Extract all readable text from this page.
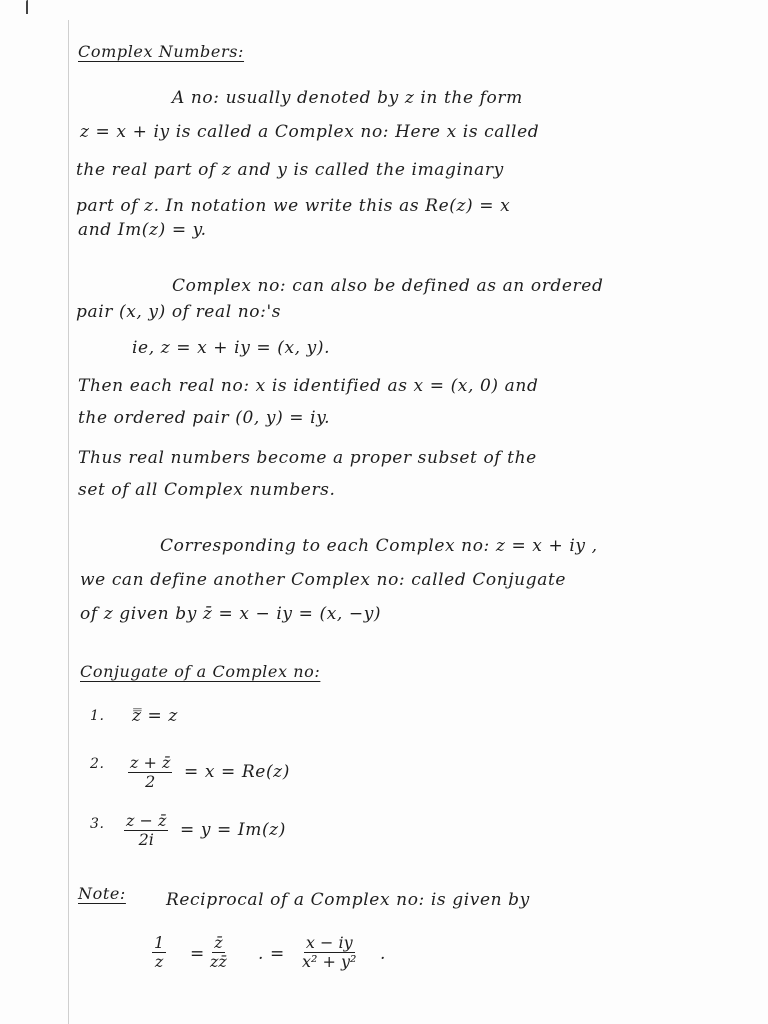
Complex Numbers:
A no: usually denoted by z in the form
z = x + iy is called a Complex no: Here x is called
the real part of z and y is called the imaginary
part of z. In notation we write this as Re(z) = x
and Im(z) = y.
Complex no: can also be defined as an ordered
pair (x, y) of real no:'s
ie, z = x + iy = (x, y).
Then each real no: x is identified as x = (x, 0) and
the ordered pair (0, y) = iy.
Thus real numbers become a proper subset of the
set of all Complex numbers.
Corresponding to each Complex no: z = x + iy ,
we can define another Complex no: called Conjugate
of z given by z̄ = x − iy = (x, −y)
Conjugate of a Complex no:
1. z̿ = z
2. $\frac{z + z̄}{2} = x = Re(z)$
3. $\frac{z - z̄}{2i} = y = Im(z)$
Note: Reciprocal of a Complex no: is given by
$\frac{1}{z} = \frac{z̄}{zz̄}$ . = $\frac{x - iy}{\text{x² + y²}}$ .
